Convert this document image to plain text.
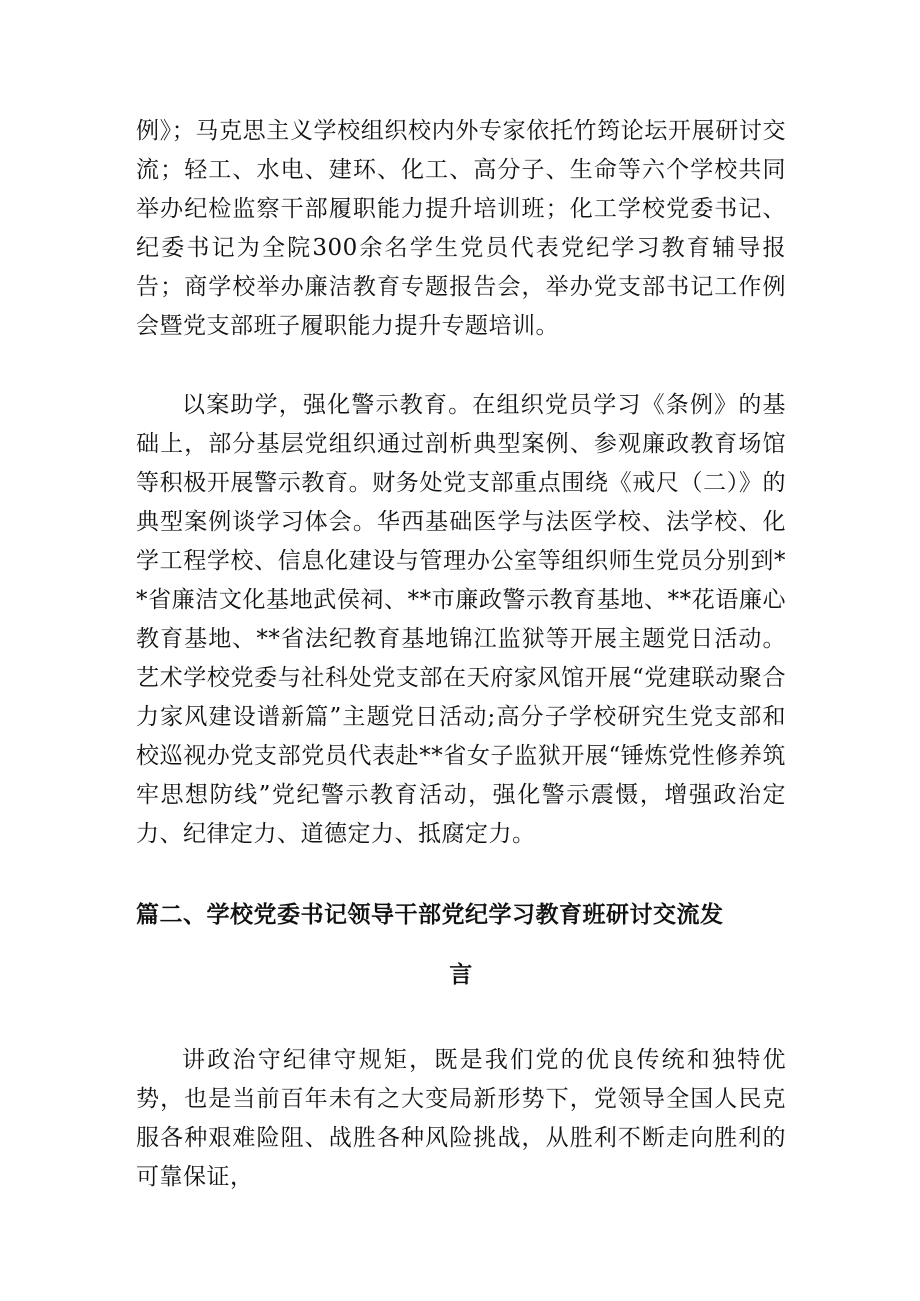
例》；马克思主义学校组织校内外专家依托竹筠论坛开展研讨交流；轻工、水电、建环、化工、高分子、生命等六个学校共同举办纪检监察干部履职能力提升培训班；化工学校党委书记、纪委书记为全院300余名学生党员代表党纪学习教育辅导报告；商学校举办廉洁教育专题报告会，举办党支部书记工作例会暨党支部班子履职能力提升专题培训。

以案助学，强化警示教育。在组织党员学习《条例》的基础上，部分基层党组织通过剖析典型案例、参观廉政教育场馆等积极开展警示教育。财务处党支部重点围绕《戒尺（二）》的典型案例谈学习体会。华西基础医学与法医学校、法学校、化学工程学校、信息化建设与管理办公室等组织师生党员分别到**省廉洁文化基地武侯祠、**市廉政警示教育基地、**花语廉心教育基地、**省法纪教育基地锦江监狱等开展主题党日活动。艺术学校党委与社科处党支部在天府家风馆开展“党建联动聚合力家风建设谱新篇”主题党日活动;高分子学校研究生党支部和校巡视办党支部党员代表赴**省女子监狱开展“锤炼党性修养筑牢思想防线”党纪警示教育活动，强化警示震慑，增强政治定力、纪律定力、道德定力、抵腐定力。

篇二、学校党委书记领导干部党纪学习教育班研讨交流发
言

讲政治守纪律守规矩，既是我们党的优良传统和独特优势，也是当前百年未有之大变局新形势下，党领导全国人民克服各种艰难险阻、战胜各种风险挑战，从胜利不断走向胜利的可靠保证，
